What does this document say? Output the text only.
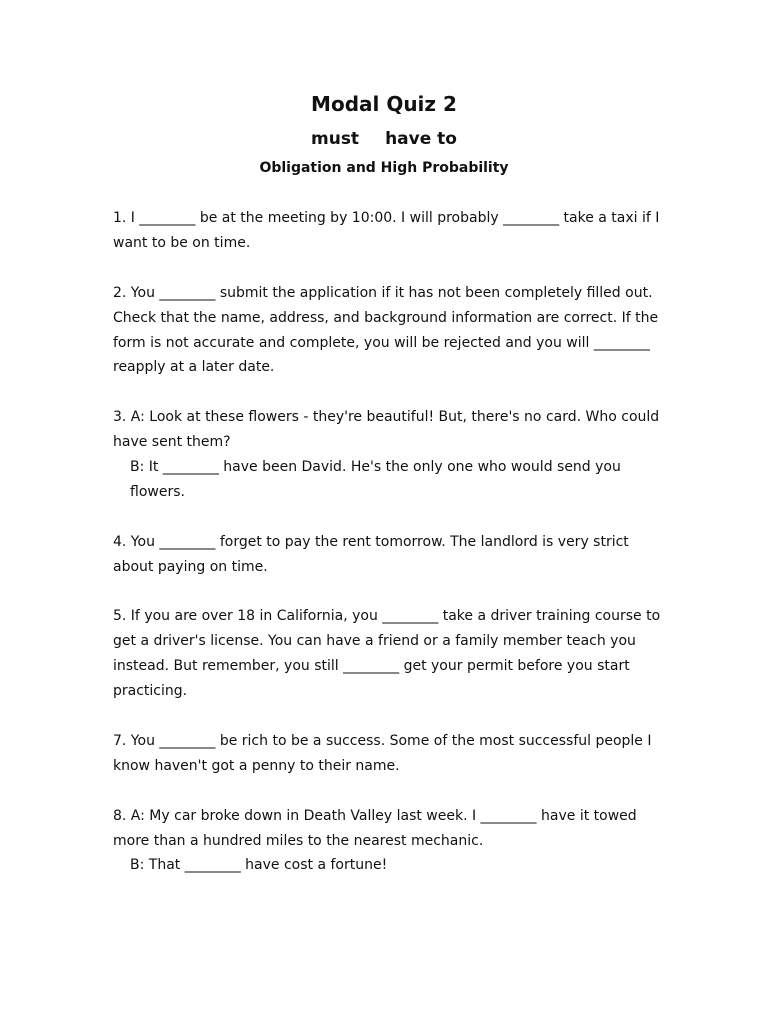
Modal Quiz 2
must have to
Obligation and High Probability

1. I ________ be at the meeting by 10:00. I will probably ________ take a taxi if I want to be on time.

2. You ________ submit the application if it has not been completely filled out. Check that the name, address, and background information are correct. If the form is not accurate and complete, you will be rejected and you will ________ reapply at a later date.

3. A: Look at these flowers - they're beautiful! But, there's no card. Who could have sent them?

B: It ________ have been David. He's the only one who would send you flowers.

4. You ________ forget to pay the rent tomorrow. The landlord is very strict about paying on time.

5. If you are over 18 in California, you ________ take a driver training course to get a driver's license. You can have a friend or a family member teach you instead. But remember, you still ________ get your permit before you start practicing.

7. You ________ be rich to be a success. Some of the most successful people I know haven't got a penny to their name.

8. A: My car broke down in Death Valley last week. I ________ have it towed more than a hundred miles to the nearest mechanic.

B: That ________ have cost a fortune!
